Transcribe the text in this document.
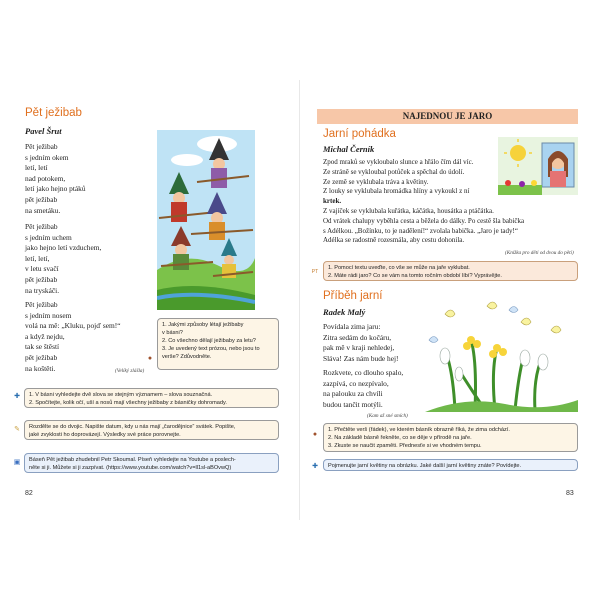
Pět ježibab
Pavel Šrut
Pět ježibab
s jedním okem
letí, letí
nad potokem,
letí jako hejno ptáků
pět ježibab
na smetáku.
Pět ježibab
s jedním uchem
jako hejno letí vzduchem,
letí, letí,
v letu svačí
pět ježibab
na tryskáči.
Pět ježibab
s jedním nosem
volá na mě: „Kluku, pojď sem!“
a když nejdu,
tak se štěstí
pět ježibab
na koštěti.	(Velíký zlášla)
1. Jakými způsoby létají ježibaby
v básni?
2. Co všechno dělají ježibaby za letu?
3. Je uvedený text prózou, nebo jsou to
verše? Zdůvodněte.
●
✚ 1. V básni vyhledejte dvě slova se stejným významem – slova souznačná.
2. Spočítejte, kolik očí, uší a nosů mají všechny ježibaby z básničky dohromady.
✎ Rozdělte se do dvojic. Napište datum, kdy u nás mají „čarodějnice“ svátek. Popište,
jaké zvyklosti ho doprovázejí. Výsledky své práce porovnejte.
▣ Báseň Pět ježibab zhudebnil Petr Skoumal. Píseň vyhledejte na Youtube a poslech-
něte si ji. Můžete si ji zazpívat. (https://www.youtube.com/watch?v=ll1sl-aBOvwQ)
82
NAJEDNOU JE JARO
Jarní pohádka
Michal Černík
Zpod mraků se vykloubalo slunce a hřálo čím dál víc.
Ze stráně se vykloubal potůček a spěchal do údolí.
Ze země se vyklubala tráva a květiny.
Z louky se vyklubala hromádka hlíny a vykoukl z ní
krtek.
Z vajíček se vyklubala kuřátka, káčátka, housátka a ptáčátka.
Od vrátek chalupy vyběhla cesta a běžela do dálky. Po cestě šla babička
s Adélkou. „Božínku, to je nadělení!“ zvolala babička. „Jaro je tady!“
Adélka se radostně rozesmála, aby cestu dohonila.
(Knížka pro děti od dvou do pěti)
PT
1. Pomocí textu uveďte, co vše se může na jaře vyklubat.
2. Máte rádi jaro? Co se vám na tomto ročním období líbí? Vyprávějte.
Příběh jarní
Radek Malý
Povídala zima jaru:
Zitra sedám do kočáru,
pak mě v kraji nehledej,
Sláva! Zas nám bude hej!
Rozkvete, co dlouho spalo,
zazpívá, co nezpívalo,
na palouku za chvíli
budou tančit motýli.
(Kam až sné smích)
1. Přečtěte verš (řádek), ve kterém básník obrazně říká, že zima odchází.
2. Na základě básně řekněte, co se děje v přírodě na jaře.
3. Zkuste se naučit zpaměti. Přednesťe si ve vhodném tempu.
●
✚ Pojmenujte jarní květiny na obrázku. Jaké další jarní květiny znáte? Povídejte.
83
